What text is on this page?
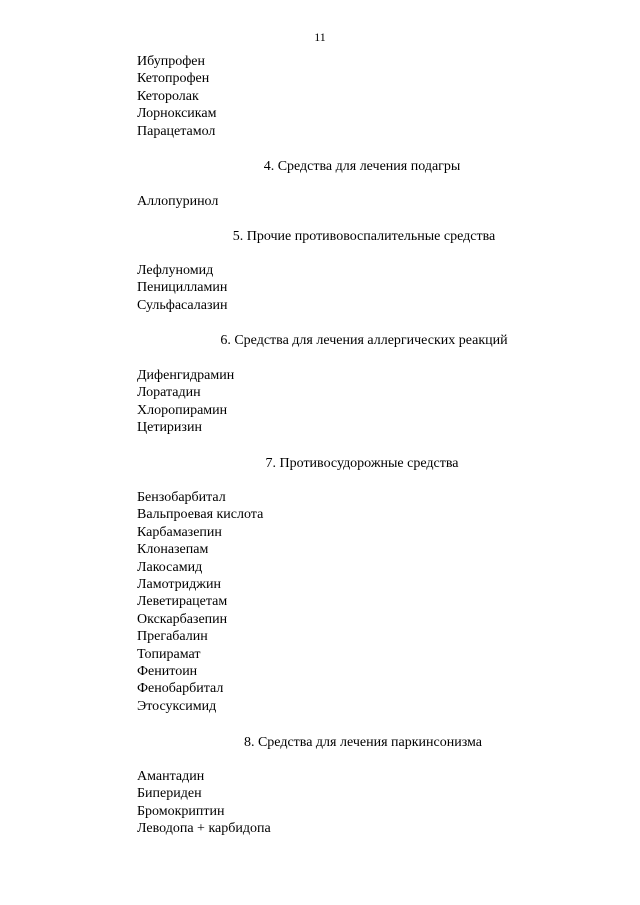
11
Ибупрофен
Кетопрофен
Кеторолак
Лорноксикам
Парацетамол
4. Средства для лечения подагры
Аллопуринол
5. Прочие противовоспалительные средства
Лефлуномид
Пеницилламин
Сульфасалазин
6. Средства для лечения аллергических реакций
Дифенгидрамин
Лоратадин
Хлоропирамин
Цетиризин
7. Противосудорожные средства
Бензобарбитал
Вальпроевая кислота
Карбамазепин
Клоназепам
Лакосамид
Ламотриджин
Леветирацетам
Окскарбазепин
Прегабалин
Топирамат
Фенитоин
Фенобарбитал
Этосуксимид
8. Средства для лечения паркинсонизма
Амантадин
Бипериден
Бромокриптин
Леводопа + карбидопа
